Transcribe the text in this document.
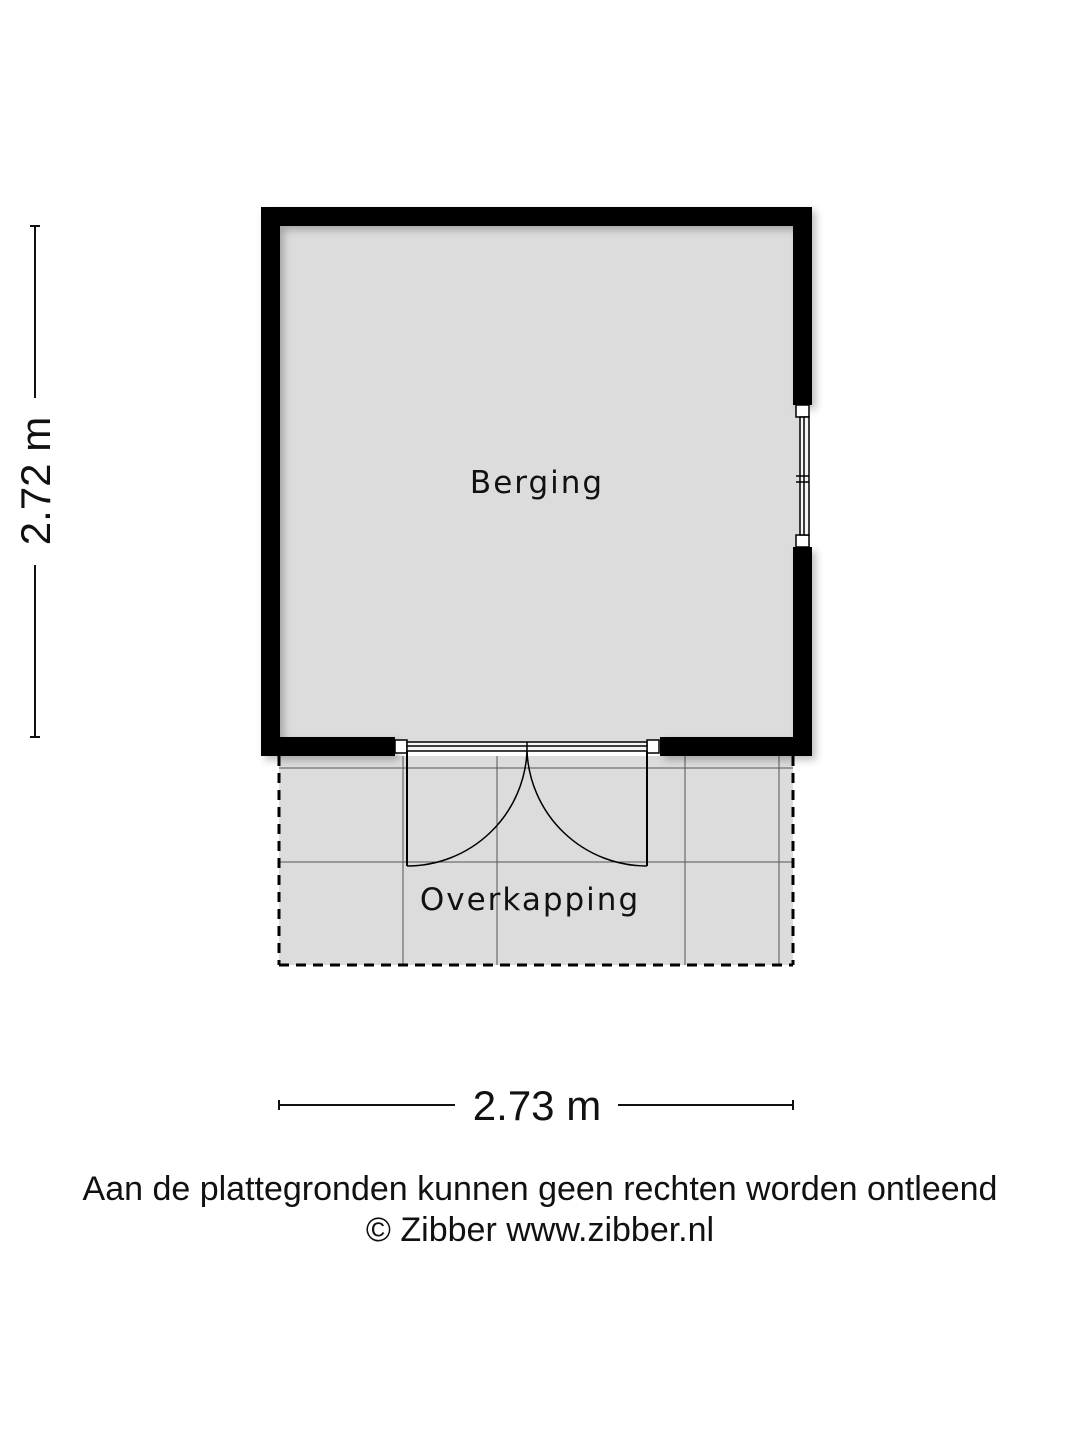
Berging
Overkapping
2.72 m
2.73 m
Aan de plattegronden kunnen geen rechten worden ontleend
© Zibber www.zibber.nl
